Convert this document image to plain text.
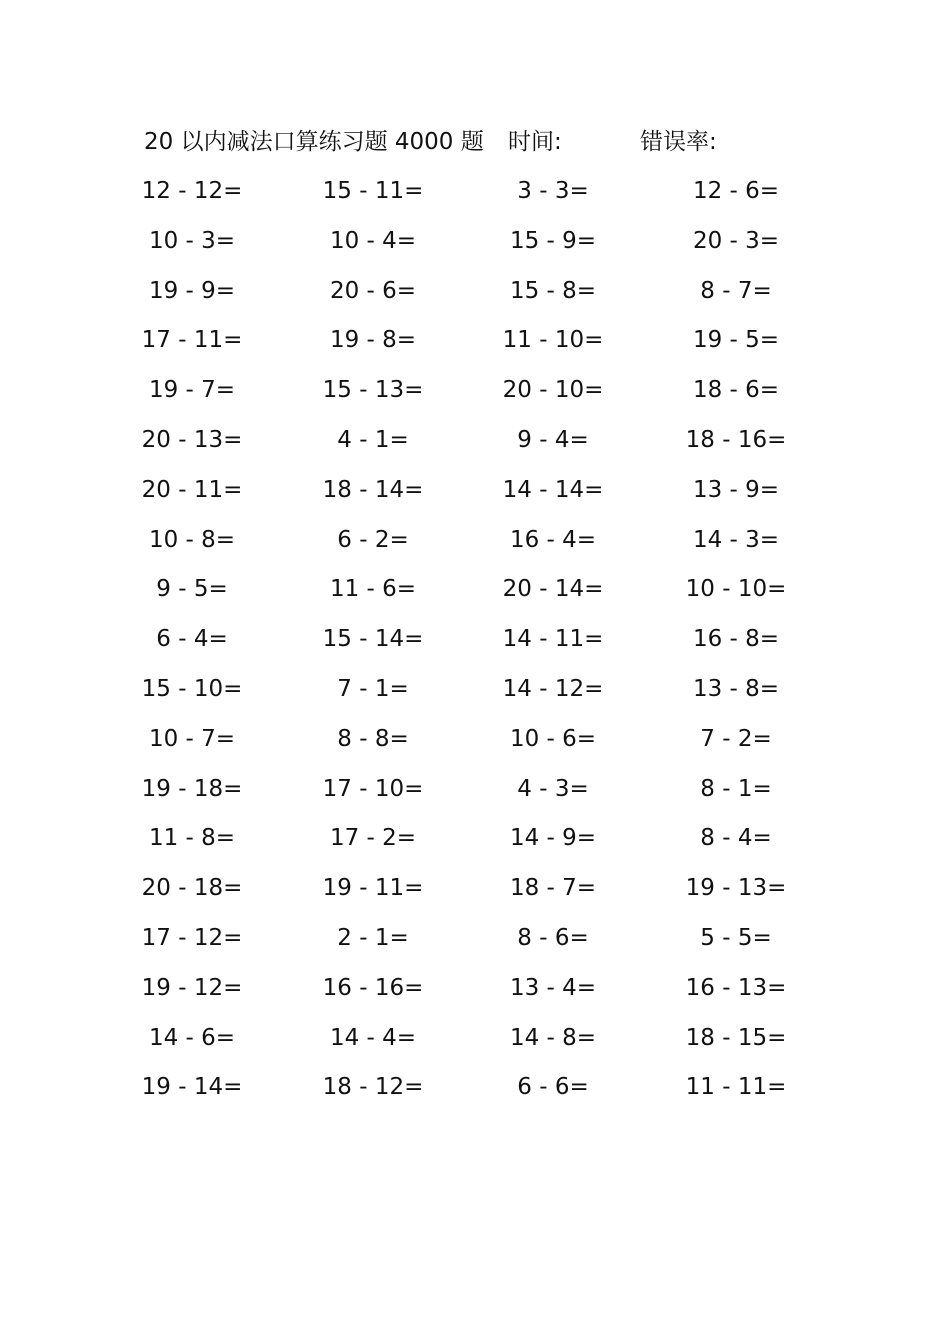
20 以内减法口算练习题 4000 题 时间:	错误率:
12 - 12=	15 - 11=	3 - 3=	12 - 6=
10 - 3=	10 - 4=	15 - 9=	20 - 3=
19 - 9=	20 - 6=	15 - 8=	8 - 7=
17 - 11=	19 - 8=	11 - 10=	19 - 5=
19 - 7=	15 - 13=	20 - 10=	18 - 6=
20 - 13=	4 - 1=	9 - 4=	18 - 16=
20 - 11=	18 - 14=	14 - 14=	13 - 9=
10 - 8=	6 - 2=	16 - 4=	14 - 3=
9 - 5=	11 - 6=	20 - 14=	10 - 10=
6 - 4=	15 - 14=	14 - 11=	16 - 8=
15 - 10=	7 - 1=	14 - 12=	13 - 8=
10 - 7=	8 - 8=	10 - 6=	7 - 2=
19 - 18=	17 - 10=	4 - 3=	8 - 1=
11 - 8=	17 - 2=	14 - 9=	8 - 4=
20 - 18=	19 - 11=	18 - 7=	19 - 13=
17 - 12=	2 - 1=	8 - 6=	5 - 5=
19 - 12=	16 - 16=	13 - 4=	16 - 13=
14 - 6=	14 - 4=	14 - 8=	18 - 15=
19 - 14=	18 - 12=	6 - 6=	11 - 11=
